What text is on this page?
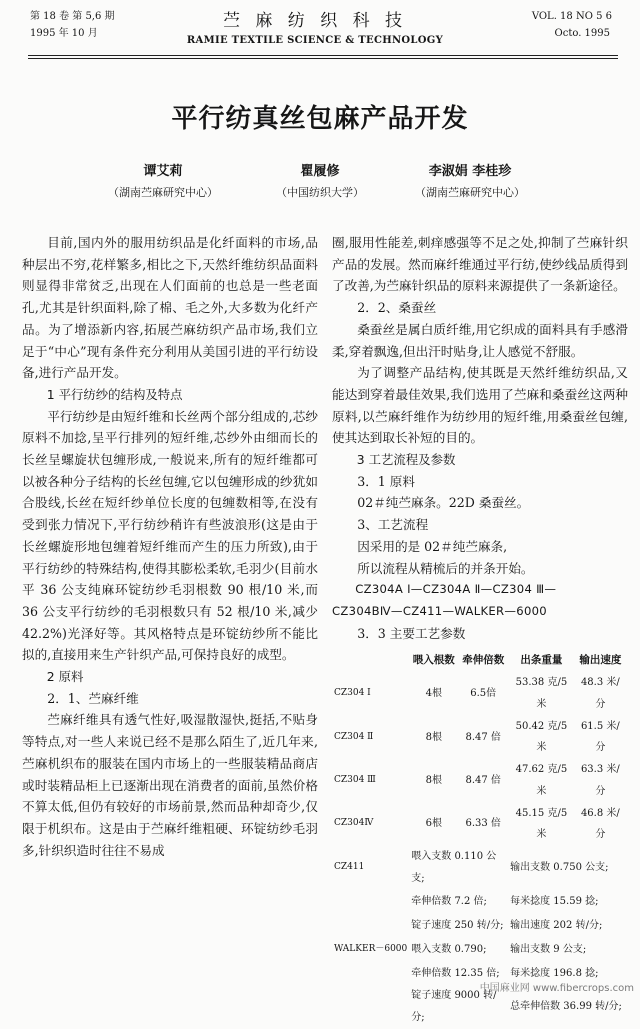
第 18 卷 第 5,6 期
1995 年 10 月
苎 麻 纺 织 科 技
RAMIE TEXTILE SCIENCE & TECHNOLOGY
VOL. 18 NO 5 6
Octo. 1995
平行纺真丝包麻产品开发
谭艾莉
（湖南苎麻研究中心）
瞿履修
（中国纺织大学）
李淑娟 李桂珍
（湖南苎麻研究中心）

目前,国内外的服用纺织品是化纤面料的市场,品种层出不穷,花样繁多,相比之下,天然纤维纺织品面料则显得非常贫乏,出现在人们面前的也总是一些老面孔,尤其是针织面料,除了棉、毛之外,大多数为化纤产品。为了增添新内容,拓展苎麻纺织产品市场,我们立足于“中心”现有条件充分利用从美国引进的平行纺设备,进行产品开发。

1 平行纺纱的结构及特点

平行纺纱是由短纤维和长丝两个部分组成的,芯纱原料不加捻,呈平行排列的短纤维,芯纱外由细而长的长丝呈螺旋状包缠形成,一般说来,所有的短纤维都可以被各种分子结构的长丝包缠,它以包缠形成的纱犹如合股线,长丝在短纤纱单位长度的包缠数相等,在没有受到张力情况下,平行纺纱稍许有些波浪形(这是由于长丝螺旋形地包缠着短纤维而产生的压力所致),由于平行纺纱的特殊结构,使得其膨松柔软,毛羽少(目前水平 36 公支纯麻环锭纺纱毛羽根数 90 根/10 米,而 36 公支平行纺纱的毛羽根数只有 52 根/10 米,减少 42.2%)光泽好等。其风格特点是环锭纺纱所不能比拟的,直接用来生产针织产品,可保持良好的成型。

2 原料
2．1、苎麻纤维

苎麻纤维具有透气性好,吸湿散湿快,挺括,不贴身等特点,对一些人来说已经不是那么陌生了,近几年来,苎麻机织布的服装在国内市场上的一些服装精品商店或时装精品柜上已逐渐出现在消费者的面前,虽然价格不算太低,但仍有较好的市场前景,然而品种却奇少,仅限于机织布。这是由于苎麻纤维粗硬、环锭纺纱毛羽多,针织织造时往往不易成

圈,服用性能差,刺痒感强等不足之处,抑制了苎麻针织产品的发展。然而麻纤维通过平行纺,使纱线品质得到了改善,为苎麻针织品的原料来源提供了一条新途径。

2．2、桑蚕丝

桑蚕丝是属白质纤维,用它织成的面料具有手感滑柔,穿着飘逸,但出汗时贴身,让人感觉不舒服。

为了调整产品结构,使其既是天然纤维纺织品,又能达到穿着最佳效果,我们选用了苎麻和桑蚕丝这两种原料,以苎麻纤维作为纺纱用的短纤维,用桑蚕丝包缠,使其达到取长补短的目的。

3 工艺流程及参数
3．1 原料
02＃纯苎麻条。22D 桑蚕丝。
3、工艺流程
因采用的是 02＃纯苎麻条,
所以流程从精梳后的并条开始。
CZ304A Ⅰ—CZ304A Ⅱ—CZ304 Ⅲ—
CZ304BⅣ—CZ411—WALKER—6000
3．3 主要工艺参数
	喂入根数	牵伸倍数	出条重量	输出速度
CZ304 Ⅰ	4根	6.5倍	53.38 克/5 米	48.3 米/分
CZ304 Ⅱ	8根	8.47 倍	50.42 克/5 米	61.5 米/分
CZ304 Ⅲ	8根	8.47 倍	47.62 克/5 米	63.3 米/分
CZ304Ⅳ	6根	6.33 倍	45.15 克/5 米	46.8 米/分
CZ411	喂入支数 0.110 公支;		输出支数 0.750 公支;	
	牵伸倍数 7.2 倍;		每米捻度 15.59 捻;	
	锭子速度 250 转/分;		输出速度 202 转/分;	
WALKER－6000	喂入支数 0.790;		输出支数 9 公支;	
	牵伸倍数 12.35 倍;		每米捻度 196.8 捻;	
	锭子速度 9000 转/分;		总牵伸倍数 36.99 转/分;	
中国麻业网 www.fibercrops.com
